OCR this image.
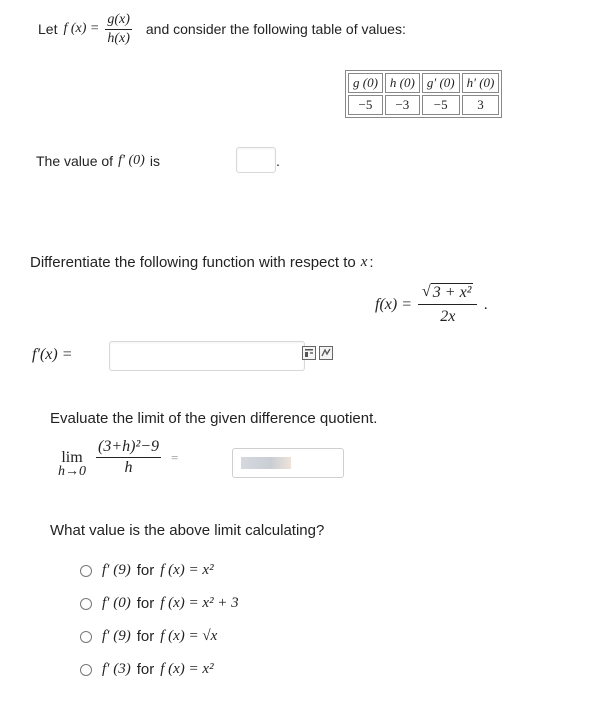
Let f $(x) = \frac{g(x)}{h(x)}$ and consider the following table of values:
g (0)	h (0)	g′ (0)	h′ (0)
−5	−3	−5	3
The value of f′ (0) is	.
Differentiate the following function with respect to x :
$f(x) = \frac{\text{√ 3 + x²}}{2x}$ .
f′(x) =
Evaluate the limit of the given difference quotient.
lim
$h\to 0 \frac{\text{(3+h)²−9}}{h}$ =
What value is the above limit calculating?
f′ (9) for f (x) = x²
f′ (0) for f (x) = x² + 3
f′ (9) for f (x) = √x
f′ (3) for f (x) = x²
